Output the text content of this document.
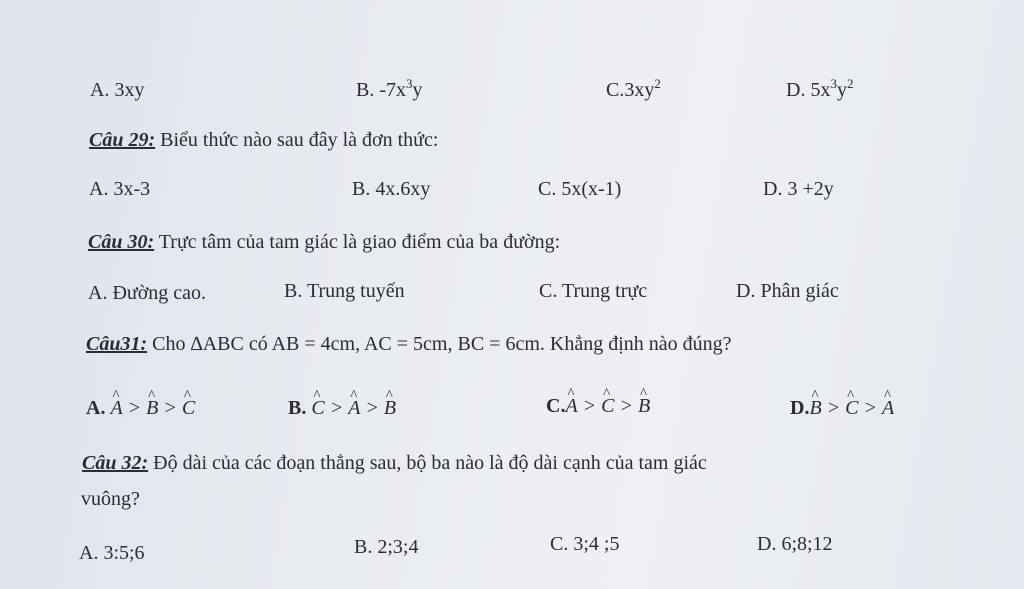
A. 3xy	B. $-7x^3y$	$C.3xy^2$	D. $5x^3y^2$
Câu 29: Biểu thức nào sau đây là đơn thức:
A. 3x-3	B. 4x.6xy	C. 5x(x-1)	D. 3 +2y
Câu 30: Trực tâm của tam giác là giao điểm của ba đường:
A. Đường cao.	B. Trung tuyến	C. Trung trực	D. Phân giác
Câu31: Cho ∆ABC có AB = 4cm, AC = 5cm, BC = 6cm. Khẳng định nào đúng?
A. ^ A > ^ B > ^ C	B. ^ C > ^ A > ^ B	C.^ A > ^ C > ^ B	D.^ B > ^ C > ^ A
Câu 32: Độ dài của các đoạn thẳng sau, bộ ba nào là độ dài cạnh của tam giác
vuông?
A. 3:5;6	B. 2;3;4	C. 3;4 ;5	D. 6;8;12
